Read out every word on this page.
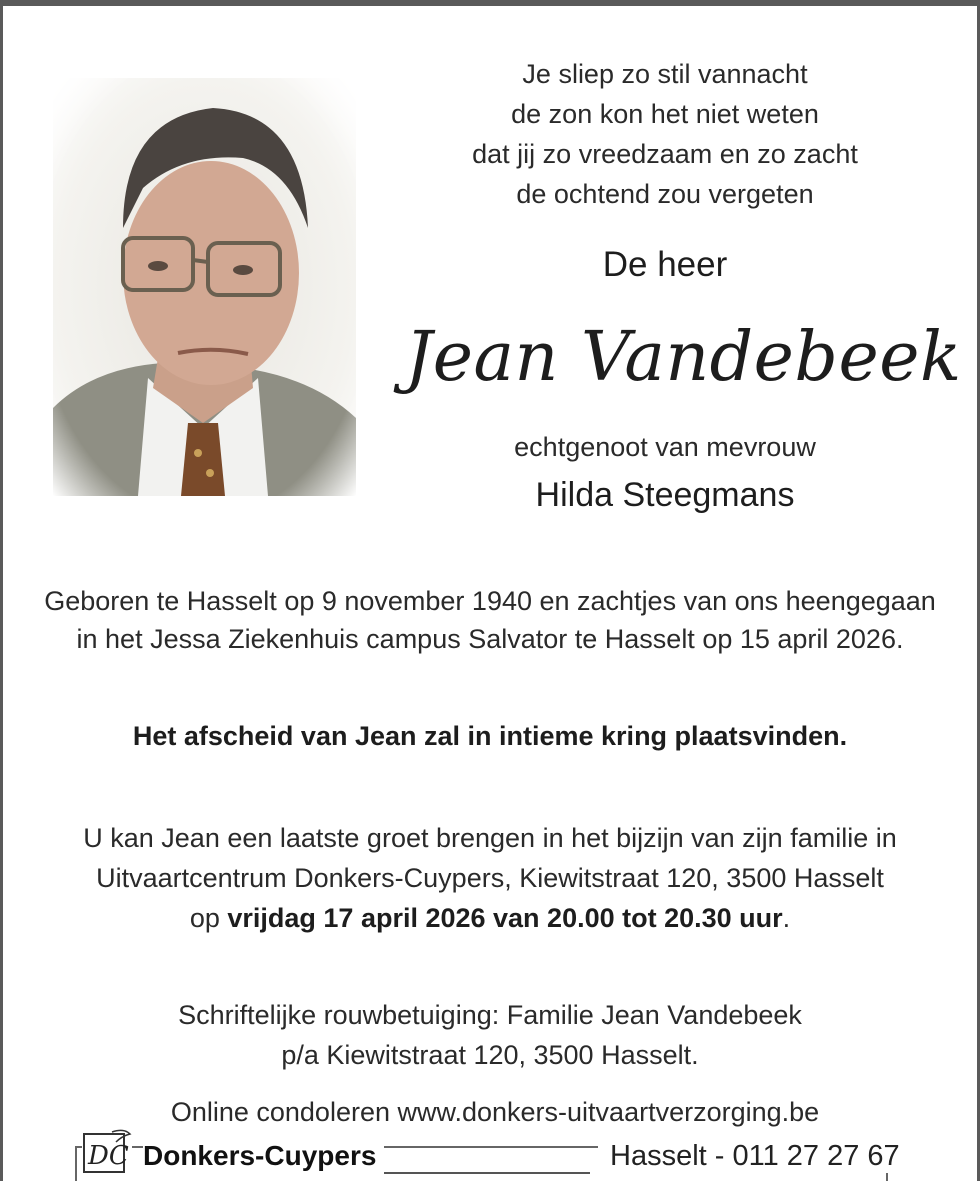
Je sliep zo stil vannacht
de zon kon het niet weten
dat jij zo vreedzaam en zo zacht
de ochtend zou vergeten
De heer
Jean Vandebeek
echtgenoot van mevrouw
Hilda Steegmans
Geboren te Hasselt op 9 november 1940 en zachtjes van ons heengegaan
in het Jessa Ziekenhuis campus Salvator te Hasselt op 15 april 2026.
Het afscheid van Jean zal in intieme kring plaatsvinden.
U kan Jean een laatste groet brengen in het bijzijn van zijn familie in
Uitvaartcentrum Donkers-Cuypers, Kiewitstraat 120, 3500 Hasselt
op vrijdag 17 april 2026 van 20.00 tot 20.30 uur.
Schriftelijke rouwbetuiging: Familie Jean Vandebeek
p/a Kiewitstraat 120, 3500 Hasselt.
Online condoleren www.donkers-uitvaartverzorging.be
DC Donkers-Cuypers	Hasselt - 011 27 27 67
